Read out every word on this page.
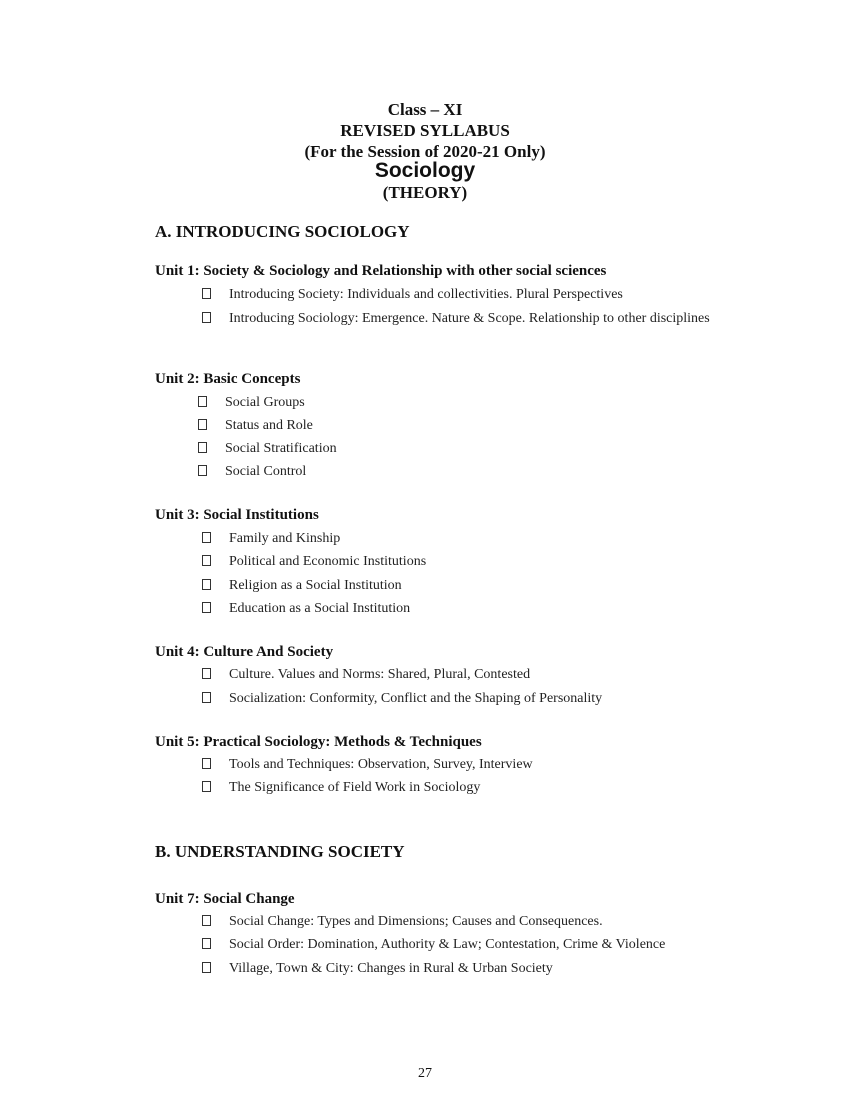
Class – XI
REVISED SYLLABUS
(For the Session of 2020-21 Only)
Sociology
(THEORY)
A. INTRODUCING SOCIOLOGY
Unit 1: Society & Sociology and Relationship with other social sciences
Introducing Society: Individuals and collectivities. Plural Perspectives
Introducing Sociology: Emergence. Nature & Scope. Relationship to other disciplines
Unit 2: Basic Concepts
Social Groups
Status and Role
Social Stratification
Social Control
Unit 3: Social Institutions
Family and Kinship
Political and Economic Institutions
Religion as a Social Institution
Education as a Social Institution
Unit 4: Culture And Society
Culture. Values and Norms: Shared, Plural, Contested
Socialization: Conformity, Conflict and the Shaping of Personality
Unit 5: Practical Sociology: Methods & Techniques
Tools and Techniques: Observation, Survey, Interview
The Significance of Field Work in Sociology
B. UNDERSTANDING SOCIETY
Unit 7: Social Change
Social Change: Types and Dimensions; Causes and Consequences.
Social Order: Domination, Authority & Law; Contestation, Crime & Violence
Village, Town & City: Changes in Rural & Urban Society
27
